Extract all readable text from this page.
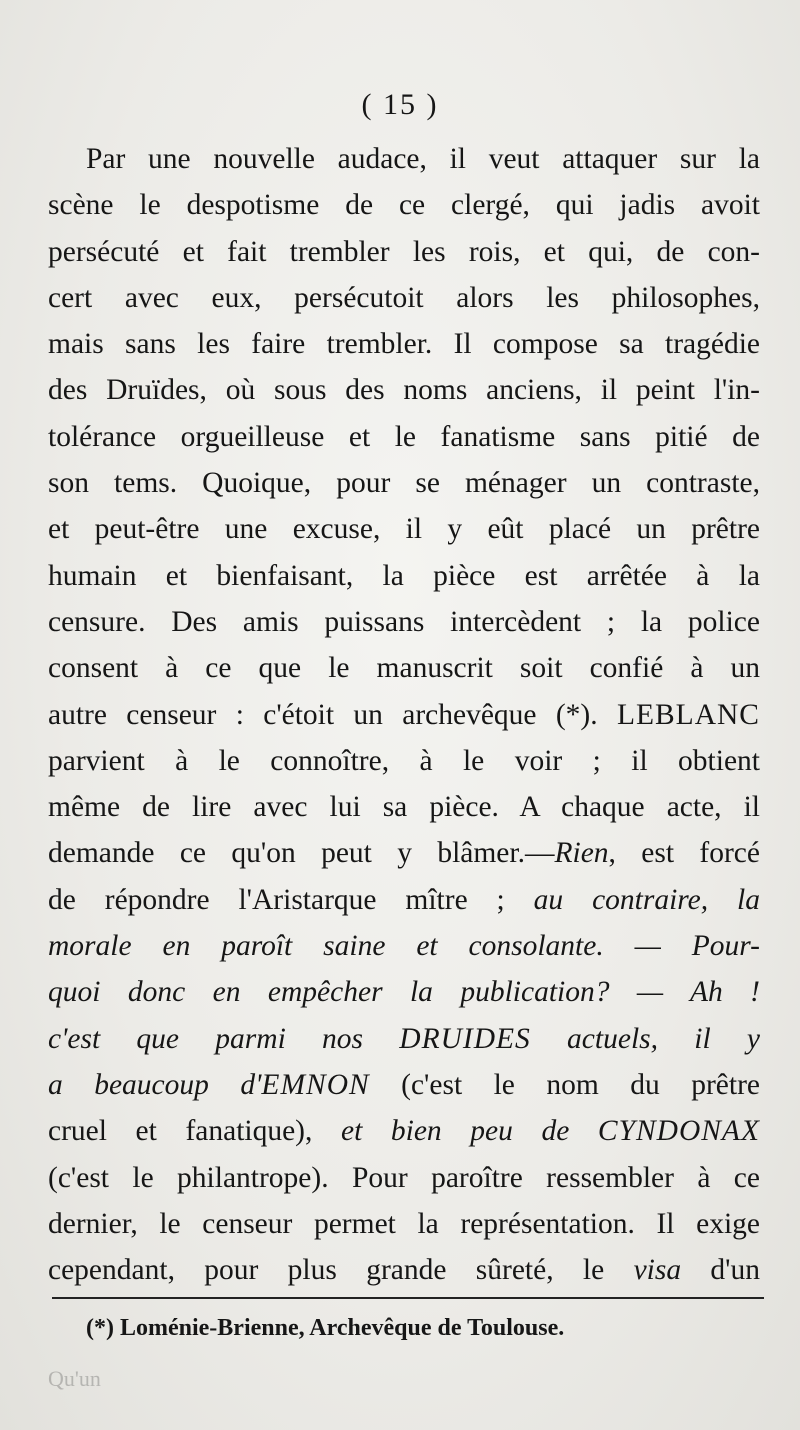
( 15 )
Par une nouvelle audace, il veut attaquer sur la
scène le despotisme de ce clergé, qui jadis avoit
persécuté et fait trembler les rois, et qui, de con-
cert avec eux, persécutoit alors les philosophes,
mais sans les faire trembler. Il compose sa tragédie
des Druïdes, où sous des noms anciens, il peint l'in-
tolérance orgueilleuse et le fanatisme sans pitié de
son tems. Quoique, pour se ménager un contraste,
et peut-être une excuse, il y eût placé un prêtre
humain et bienfaisant, la pièce est arrêtée à la
censure. Des amis puissans intercèdent ; la police
consent à ce que le manuscrit soit confié à un
autre censeur : c'étoit un archevêque (*). LEBLANC
parvient à le connoître, à le voir ; il obtient
même de lire avec lui sa pièce. A chaque acte, il
demande ce qu'on peut y blâmer.—Rien, est forcé
de répondre l'Aristarque mître ; au contraire, la
morale en paroît saine et consolante. — Pour-
quoi donc en empêcher la publication? — Ah !
c'est que parmi nos DRUIDES actuels, il y
a beaucoup d'EMNON (c'est le nom du prêtre
cruel et fanatique), et bien peu de CYNDONAX
(c'est le philantrope). Pour paroître ressembler à ce
dernier, le censeur permet la représentation. Il exige
cependant, pour plus grande sûreté, le visa d'un
(*) Loménie-Brienne, Archevêque de Toulouse.
Qu'un
